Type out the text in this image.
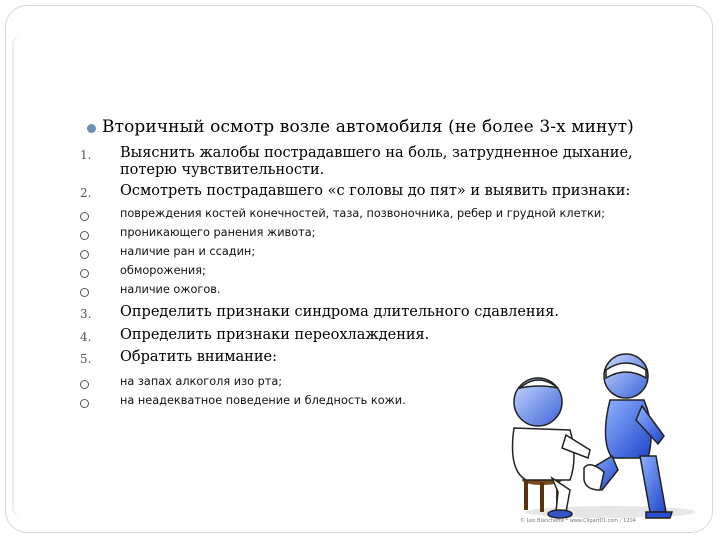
Вторичный осмотр возле автомобиля (не более 3-х минут)
1. Выяснить жалобы пострадавшего на боль, затрудненное дыхание,
потерю чувствительности.
2. Осмотреть пострадавшего «с головы до пят» и выявить признаки:
повреждения костей конечностей, таза, позвоночника, ребер и грудной клетки;
проникающего ранения живота;
наличие ран и ссадин;
обморожения;
наличие ожогов.
3. Определить признаки синдрома длительного сдавления.
4. Определить признаки переохлаждения.
5. Обратить внимание:
на запах алкоголя изо рта;
на неадекватное поведение и бледность кожи.
© Leo Blanchette * www.Clipart01.com / 1204
